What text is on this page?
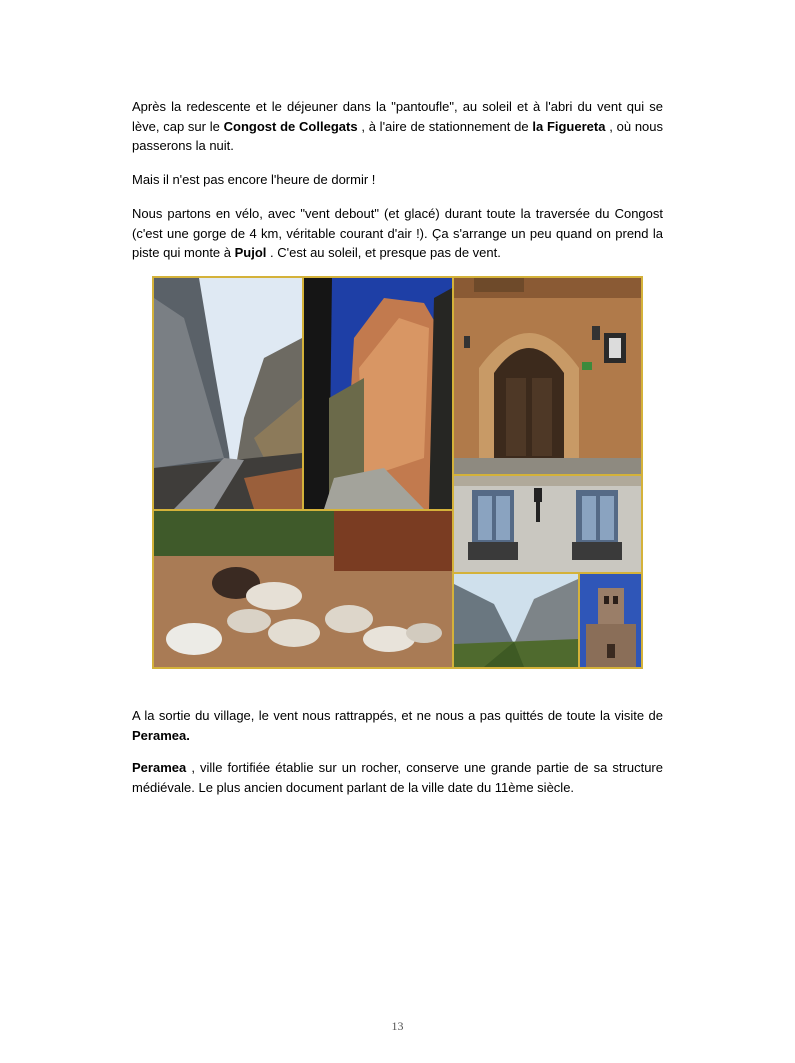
Après la redescente et le déjeuner dans la "pantoufle", au soleil et à l'abri du vent qui se lève, cap sur le Congost de Collegats , à l'aire de stationnement de la Figuereta , où nous passerons la nuit.

Mais il n'est pas encore l'heure de dormir !

Nous partons en vélo, avec "vent debout" (et glacé) durant toute la traversée du Congost (c'est une gorge de 4 km, véritable courant d'air !). Ça s'arrange un peu quand on prend la piste qui monte à Pujol . C'est au soleil, et presque pas de vent.

A la sortie du village, le vent nous rattrappés, et ne nous a pas quittés de toute la visite de Peramea.

Peramea , ville fortifiée établie sur un rocher, conserve une grande partie de sa structure médiévale. Le plus ancien document parlant de la ville date du 11ème siècle.

13
